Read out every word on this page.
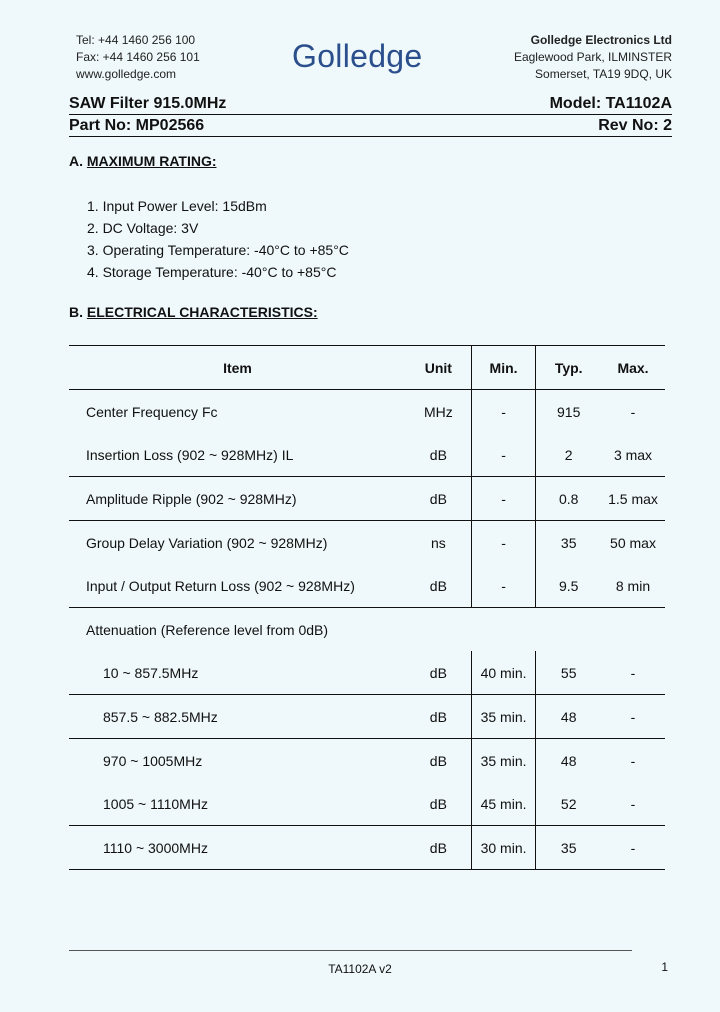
Tel: +44 1460 256 100
Fax: +44 1460 256 101
www.golledge.com	Golledge	Golledge Electronics Ltd
Eaglewood Park, ILMINSTER
Somerset, TA19 9DQ, UK
SAW Filter 915.0MHz	Model: TA1102A
Part No: MP02566	Rev No: 2
A. MAXIMUM RATING:
1. Input Power Level: 15dBm
2. DC Voltage: 3V
3. Operating Temperature: -40°C to +85°C
4. Storage Temperature: -40°C to +85°C
B. ELECTRICAL CHARACTERISTICS:
Item	Unit	Min.	Typ.	Max.
Center Frequency Fc	MHz	-	915	-
Insertion Loss (902 ~ 928MHz) IL	dB	-	2	3 max
Amplitude Ripple (902 ~ 928MHz)	dB	-	0.8	1.5 max
Group Delay Variation (902 ~ 928MHz)	ns	-	35	50 max
Input / Output Return Loss (902 ~ 928MHz)	dB	-	9.5	8 min
Attenuation (Reference level from 0dB)				
10 ~ 857.5MHz	dB	40 min.	55	-
857.5 ~ 882.5MHz	dB	35 min.	48	-
970 ~ 1005MHz	dB	35 min.	48	-
1005 ~ 1110MHz	dB	45 min.	52	-
1110 ~ 3000MHz	dB	30 min.	35	-
TA1102A v2	1
